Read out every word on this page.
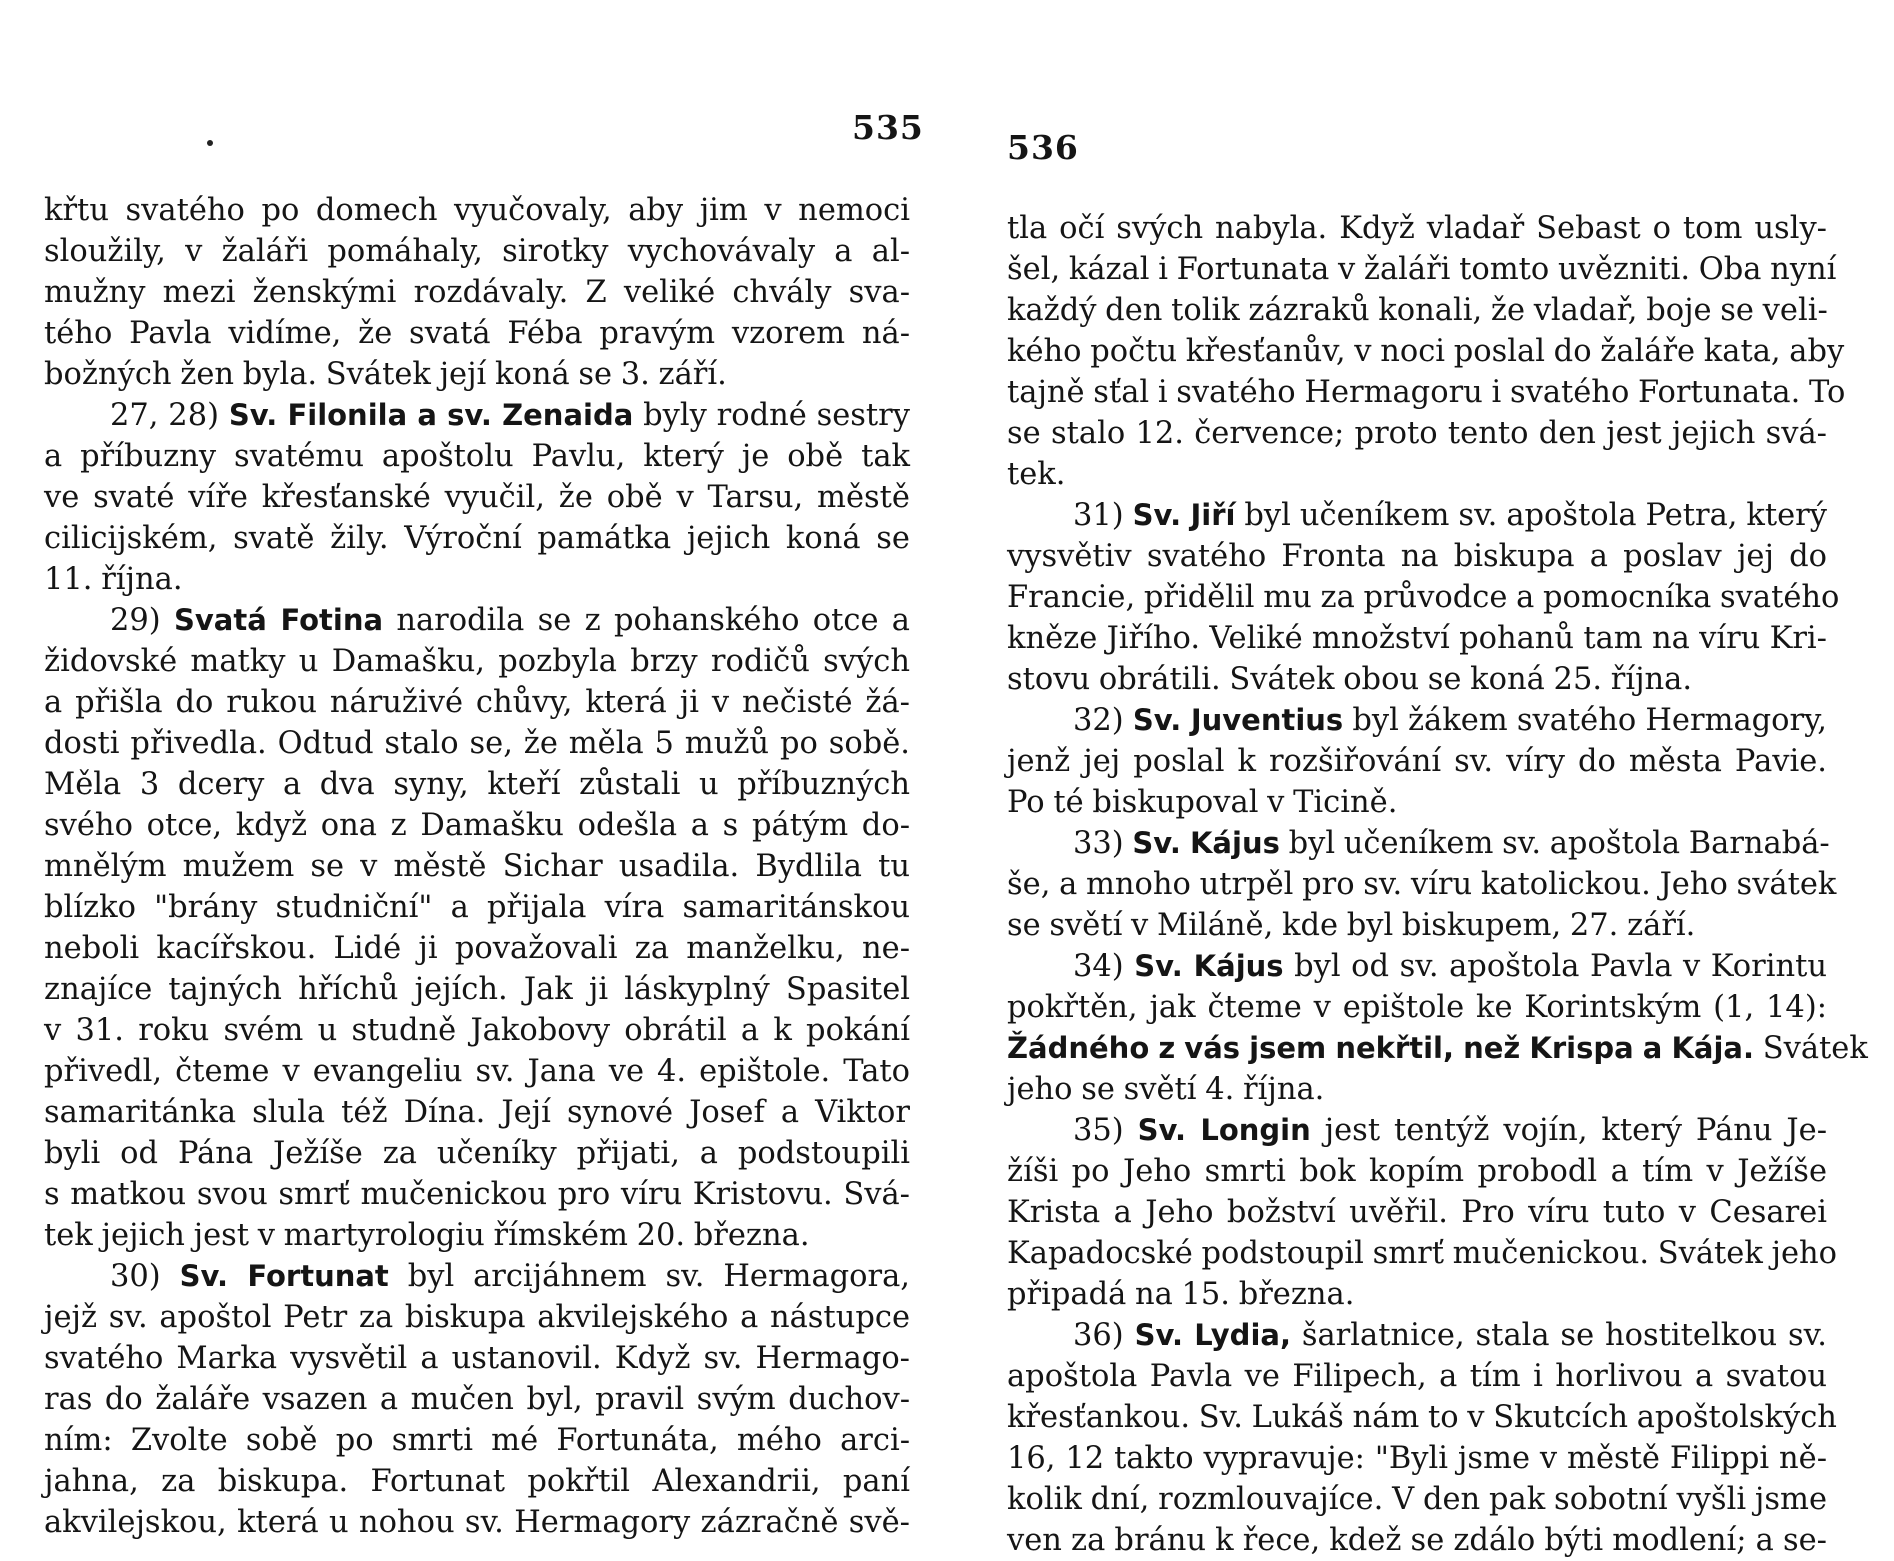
535
křtu svatého po domech vyučovaly, aby jim v nemoci
sloužily, v žaláři pomáhaly, sirotky vychovávaly a al-
mužny mezi ženskými rozdávaly. Z veliké chvály sva-
tého Pavla vidíme, že svatá Féba pravým vzorem ná-
božných žen byla. Svátek její koná se 3. září.
27, 28) Sv. Filonila a sv. Zenaida byly rodné sestry
a příbuzny svatému apoštolu Pavlu, který je obě tak
ve svaté víře křesťanské vyučil, že obě v Tarsu, městě
cilicijském, svatě žily. Výroční památka jejich koná se
11. října.
29) Svatá Fotina narodila se z pohanského otce a
židovské matky u Damašku, pozbyla brzy rodičů svých
a přišla do rukou náruživé chůvy, která ji v nečisté žá-
dosti přivedla. Odtud stalo se, že měla 5 mužů po sobě.
Měla 3 dcery a dva syny, kteří zůstali u příbuzných
svého otce, když ona z Damašku odešla a s pátým do-
mnělým mužem se v městě Sichar usadila. Bydlila tu
blízko "brány studniční" a přijala víra samaritánskou
neboli kacířskou. Lidé ji považovali za manželku, ne-
znajíce tajných hříchů jejích. Jak ji láskyplný Spasitel
v 31. roku svém u studně Jakobovy obrátil a k pokání
přivedl, čteme v evangeliu sv. Jana ve 4. epištole. Tato
samaritánka slula též Dína. Její synové Josef a Viktor
byli od Pána Ježíše za učeníky přijati, a podstoupili
s matkou svou smrť mučenickou pro víru Kristovu. Svá-
tek jejich jest v martyrologiu římském 20. března.
30) Sv. Fortunat byl arcijáhnem sv. Hermagora,
jejž sv. apoštol Petr za biskupa akvilejského a nástupce
svatého Marka vysvětil a ustanovil. Když sv. Hermago-
ras do žaláře vsazen a mučen byl, pravil svým duchov-
ním: Zvolte sobě po smrti mé Fortunáta, mého arci-
jahna, za biskupa. Fortunat pokřtil Alexandrii, paní
akvilejskou, která u nohou sv. Hermagory zázračně svě-
536
tla očí svých nabyla. Když vladař Sebast o tom usly-
šel, kázal i Fortunata v žaláři tomto uvězniti. Oba nyní
každý den tolik zázraků konali, že vladař, boje se veli-
kého počtu křesťanův, v noci poslal do žaláře kata, aby
tajně sťal i svatého Hermagoru i svatého Fortunata. To
se stalo 12. července; proto tento den jest jejich svá-
tek.
31) Sv. Jiří byl učeníkem sv. apoštola Petra, který
vysvětiv svatého Fronta na biskupa a poslav jej do
Francie, přidělil mu za průvodce a pomocníka svatého
kněze Jiřího. Veliké množství pohanů tam na víru Kri-
stovu obrátili. Svátek obou se koná 25. října.
32) Sv. Juventius byl žákem svatého Hermagory,
jenž jej poslal k rozšiřování sv. víry do města Pavie.
Po té biskupoval v Ticině.
33) Sv. Kájus byl učeníkem sv. apoštola Barnabá-
še, a mnoho utrpěl pro sv. víru katolickou. Jeho svátek
se světí v Miláně, kde byl biskupem, 27. září.
34) Sv. Kájus byl od sv. apoštola Pavla v Korintu
pokřtěn, jak čteme v epištole ke Korintským (1, 14):
Žádného z vás jsem nekřtil, než Krispa a Kája. Svátek
jeho se světí 4. října.
35) Sv. Longin jest tentýž vojín, který Pánu Je-
žíši po Jeho smrti bok kopím probodl a tím v Ježíše
Krista a Jeho božství uvěřil. Pro víru tuto v Cesarei
Kapadocské podstoupil smrť mučenickou. Svátek jeho
připadá na 15. března.
36) Sv. Lydia, šarlatnice, stala se hostitelkou sv.
apoštola Pavla ve Filipech, a tím i horlivou a svatou
křesťankou. Sv. Lukáš nám to v Skutcích apoštolských
16, 12 takto vypravuje: "Byli jsme v městě Filippi ně-
kolik dní, rozmlouvajíce. V den pak sobotní vyšli jsme
ven za bránu k řece, kdež se zdálo býti modlení; a se-
